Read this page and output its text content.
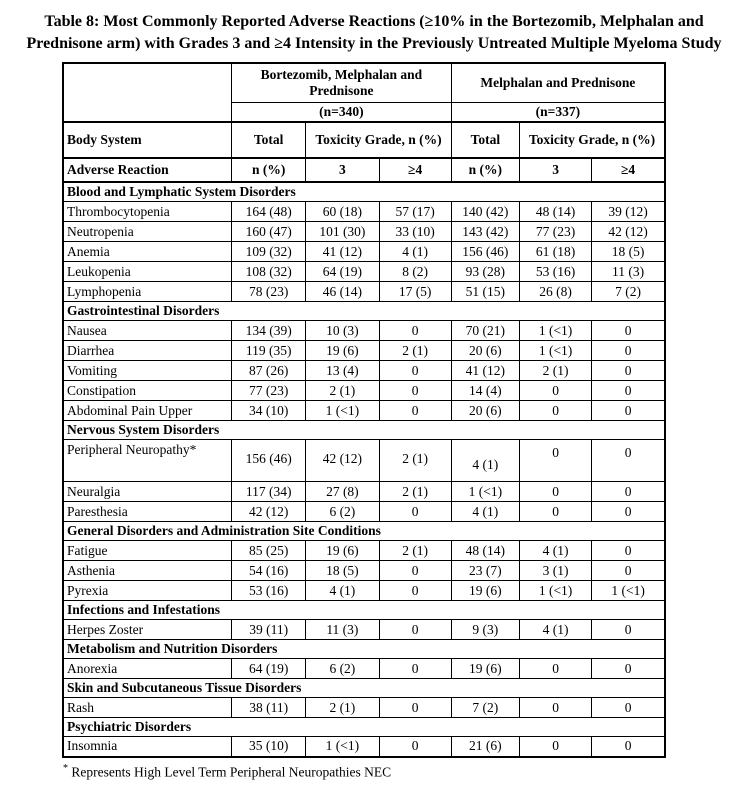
Table 8: Most Commonly Reported Adverse Reactions (≥10% in the Bortezomib, Melphalan and Prednisone arm) with Grades 3 and ≥4 Intensity in the Previously Untreated Multiple Myeloma Study
	Bortezomib, Melphalan and Prednisone			Melphalan and Prednisone		
	(n=340)			(n=337)		
Body System	Total	Toxicity Grade, n (%)		Total	Toxicity Grade, n (%)	
Adverse Reaction	n (%)	3	≥4	n (%)	3	≥4
Blood and Lymphatic System Disorders						
Thrombocytopenia	164 (48)	60 (18)	57 (17)	140 (42)	48 (14)	39 (12)
Neutropenia	160 (47)	101 (30)	33 (10)	143 (42)	77 (23)	42 (12)
Anemia	109 (32)	41 (12)	4 (1)	156 (46)	61 (18)	18 (5)
Leukopenia	108 (32)	64 (19)	8 (2)	93 (28)	53 (16)	11 (3)
Lymphopenia	78 (23)	46 (14)	17 (5)	51 (15)	26 (8)	7 (2)
Gastrointestinal Disorders						
Nausea	134 (39)	10 (3)	0	70 (21)	1 (<1)	0
Diarrhea	119 (35)	19 (6)	2 (1)	20 (6)	1 (<1)	0
Vomiting	87 (26)	13 (4)	0	41 (12)	2 (1)	0
Constipation	77 (23)	2 (1)	0	14 (4)	0	0
Abdominal Pain Upper	34 (10)	1 (<1)	0	20 (6)	0	0
Nervous System Disorders						
Peripheral Neuropathy*	156 (46)	42 (12)	2 (1)	4 (1)	0	0
Neuralgia	117 (34)	27 (8)	2 (1)	1 (<1)	0	0
Paresthesia	42 (12)	6 (2)	0	4 (1)	0	0
General Disorders and Administration Site Conditions						
Fatigue	85 (25)	19 (6)	2 (1)	48 (14)	4 (1)	0
Asthenia	54 (16)	18 (5)	0	23 (7)	3 (1)	0
Pyrexia	53 (16)	4 (1)	0	19 (6)	1 (<1)	1 (<1)
Infections and Infestations						
Herpes Zoster	39 (11)	11 (3)	0	9 (3)	4 (1)	0
Metabolism and Nutrition Disorders						
Anorexia	64 (19)	6 (2)	0	19 (6)	0	0
Skin and Subcutaneous Tissue Disorders						
Rash	38 (11)	2 (1)	0	7 (2)	0	0
Psychiatric Disorders						
Insomnia	35 (10)	1 (<1)	0	21 (6)	0	0
* Represents High Level Term Peripheral Neuropathies NEC
